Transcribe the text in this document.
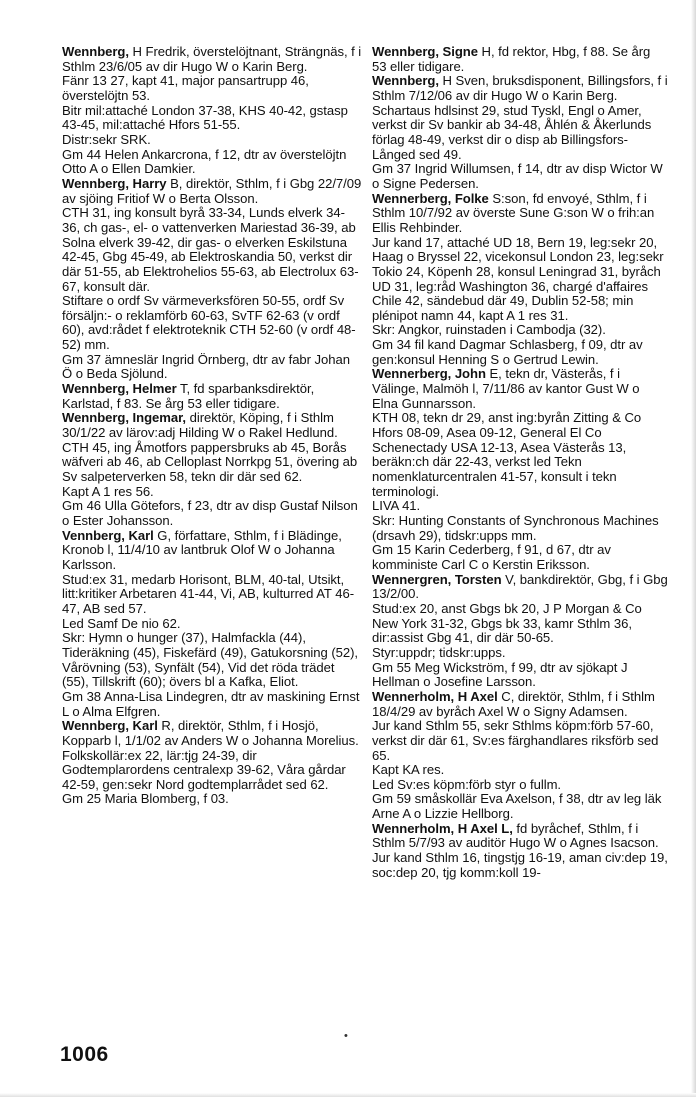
Wennberg, H Fredrik, överstelöjtnant, Strängnäs, f i Sthlm 23/6/05 av dir Hugo W o Karin Berg.

Fänr 13 27, kapt 41, major pansartrupp 46, överstelöjtn 53.

Bitr mil:attaché London 37-38, KHS 40-42, gstasp 43-45, mil:attaché Hfors 51-55.

Distr:sekr SRK.

Gm 44 Helen Ankarcrona, f 12, dtr av överstelöjtn Otto A o Ellen Damkier.

Wennberg, Harry B, direktör, Sthlm, f i Gbg 22/7/09 av sjöing Fritiof W o Berta Olsson.

CTH 31, ing konsult byrå 33-34, Lunds elverk 34-36, ch gas-, el- o vattenverken Mariestad 36-39, ab Solna elverk 39-42, dir gas- o elverken Eskilstuna 42-45, Gbg 45-49, ab Elektroskandia 50, verkst dir där 51-55, ab Elektrohelios 55-63, ab Electrolux 63-67, konsult där.

Stiftare o ordf Sv värmeverksfören 50-55, ordf Sv försäljn:- o reklamförb 60-63, SvTF 62-63 (v ordf 60), avd:rådet f elektroteknik CTH 52-60 (v ordf 48-52) mm.

Gm 37 ämneslär Ingrid Örnberg, dtr av fabr Johan Ö o Beda Sjölund.

Wennberg, Helmer T, fd sparbanksdirektör, Karlstad, f 83. Se årg 53 eller tidigare.

Wennberg, Ingemar, direktör, Köping, f i Sthlm 30/1/22 av lärov:adj Hilding W o Rakel Hedlund.

CTH 45, ing Åmotfors pappersbruks ab 45, Borås wäfveri ab 46, ab Celloplast Norrkpg 51, övering ab Sv salpeterverken 58, tekn dir där sed 62.

Kapt A 1 res 56.

Gm 46 Ulla Götefors, f 23, dtr av disp Gustaf Nilson o Ester Johansson.

Vennberg, Karl G, författare, Sthlm, f i Blädinge, Kronob l, 11/4/10 av lantbruk Olof W o Johanna Karlsson.

Stud:ex 31, medarb Horisont, BLM, 40-tal, Utsikt, litt:kritiker Arbetaren 41-44, Vi, AB, kulturred AT 46-47, AB sed 57.

Led Samf De nio 62.

Skr: Hymn o hunger (37), Halmfackla (44), Tideräkning (45), Fiskefärd (49), Gatukorsning (52), Vårövning (53), Synfält (54), Vid det röda trädet (55), Tillskrift (60); övers bl a Kafka, Eliot.

Gm 38 Anna-Lisa Lindegren, dtr av maskining Ernst L o Alma Elfgren.

Wennberg, Karl R, direktör, Sthlm, f i Hosjö, Kopparb l, 1/1/02 av Anders W o Johanna Morelius.

Folkskollär:ex 22, lär:tjg 24-39, dir Godtemplarordens centralexp 39-62, Våra gårdar 42-59, gen:sekr Nord godtemplarrådet sed 62.

Gm 25 Maria Blomberg, f 03.

Wennberg, Signe H, fd rektor, Hbg, f 88. Se årg 53 eller tidigare.

Wennberg, H Sven, bruksdisponent, Billingsfors, f i Sthlm 7/12/06 av dir Hugo W o Karin Berg.

Schartaus hdlsinst 29, stud Tyskl, Engl o Amer, verkst dir Sv bankir ab 34-48, Åhlén & Åkerlunds förlag 48-49, verkst dir o disp ab Billingsfors-Långed sed 49.

Gm 37 Ingrid Willumsen, f 14, dtr av disp Wictor W o Signe Pedersen.

Wennerberg, Folke S:son, fd envoyé, Sthlm, f i Sthlm 10/7/92 av överste Sune G:son W o frih:an Ellis Rehbinder.

Jur kand 17, attaché UD 18, Bern 19, leg:sekr 20, Haag o Bryssel 22, vicekonsul London 23, leg:sekr Tokio 24, Köpenh 28, konsul Leningrad 31, byråch UD 31, leg:råd Washington 36, chargé d'affaires Chile 42, sändebud där 49, Dublin 52-58; min plénipot namn 44, kapt A 1 res 31.

Skr: Angkor, ruinstaden i Cambodja (32).

Gm 34 fil kand Dagmar Schlasberg, f 09, dtr av gen:konsul Henning S o Gertrud Lewin.

Wennerberg, John E, tekn dr, Västerås, f i Välinge, Malmöh l, 7/11/86 av kantor Gust W o Elna Gunnarsson.

KTH 08, tekn dr 29, anst ing:byrån Zitting & Co Hfors 08-09, Asea 09-12, General El Co Schenectady USA 12-13, Asea Västerås 13, beräkn:ch där 22-43, verkst led Tekn nomenklaturcentralen 41-57, konsult i tekn terminologi.

LIVA 41.

Skr: Hunting Constants of Synchronous Machines (drsavh 29), tidskr:upps mm.

Gm 15 Karin Cederberg, f 91, d 67, dtr av komministe Carl C o Kerstin Eriksson.

Wennergren, Torsten V, bankdirektör, Gbg, f i Gbg 13/2/00.

Stud:ex 20, anst Gbgs bk 20, J P Morgan & Co New York 31-32, Gbgs bk 33, kamr Sthlm 36, dir:assist Gbg 41, dir där 50-65.

Styr:uppdr; tidskr:upps.

Gm 55 Meg Wickström, f 99, dtr av sjökapt J Hellman o Josefine Larsson.

Wennerholm, H Axel C, direktör, Sthlm, f i Sthlm 18/4/29 av byråch Axel W o Signy Adamsen.

Jur kand Sthlm 55, sekr Sthlms köpm:förb 57-60, verkst dir där 61, Sv:es färghandlares riksförb sed 65.

Kapt KA res.

Led Sv:es köpm:förb styr o fullm.

Gm 59 småskollär Eva Axelson, f 38, dtr av leg läk Arne A o Lizzie Hellborg.

Wennerholm, H Axel L, fd byråchef, Sthlm, f i Sthlm 5/7/93 av auditör Hugo W o Agnes Isacson.

Jur kand Sthlm 16, tingstjg 16-19, aman civ:dep 19, soc:dep 20, tjg komm:koll 19-

•
1006
